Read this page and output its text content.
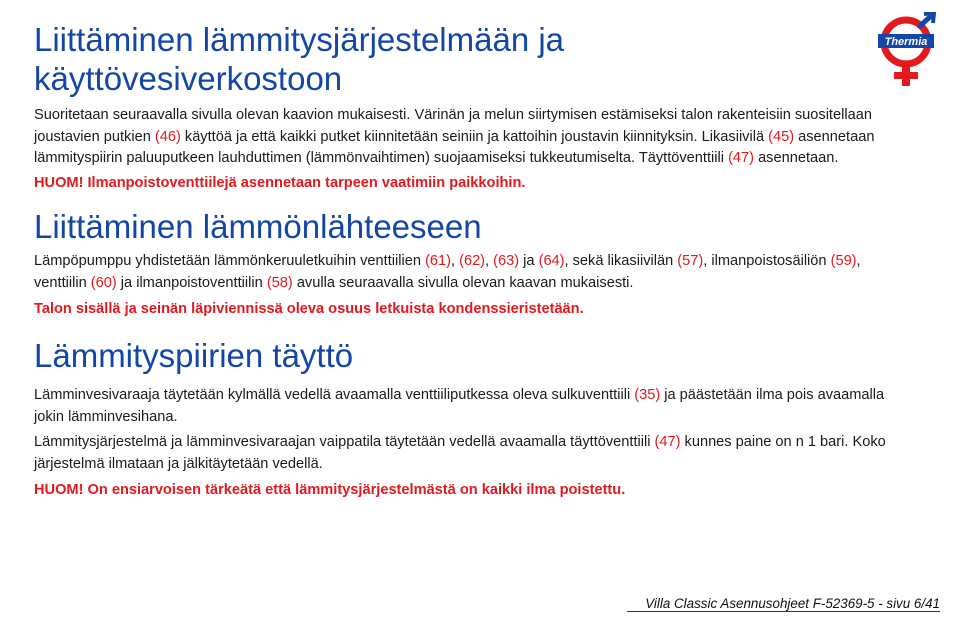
Thermia
Liittäminen lämmitysjärjestelmään ja käyttövesiverkostoon

Suoritetaan seuraavalla sivulla olevan kaavion mukaisesti. Värinän ja melun siirtymisen estämiseksi talon rakenteisiin suositellaan joustavien putkien (46) käyttöä ja että kaikki putket kiinnitetään seiniin ja kattoihin joustavin kiinnityksin. Likasiivilä (45) asennetaan lämmityspiirin paluuputkeen lauhduttimen (lämmönvaihtimen) suojaamiseksi tukkeutumiselta. Täyttöventtiili (47) asennetaan.

HUOM! Ilmanpoistoventtiilejä asennetaan tarpeen vaatimiin paikkoihin.

Liittäminen lämmönlähteeseen

Lämpöpumppu yhdistetään lämmönkeruuletkuihin venttiilien (61), (62), (63) ja (64), sekä likasiivilän (57), ilmanpoistosäiliön (59), venttiilin (60) ja ilmanpoistoventtiilin (58) avulla seuraavalla sivulla olevan kaavan mukaisesti.

Talon sisällä ja seinän läpiviennissä oleva osuus letkuista kondenssieristetään.

Lämmityspiirien täyttö

Lämminvesivaraaja täytetään kylmällä vedellä avaamalla venttiiliputkessa oleva sulkuventtiili (35) ja päästetään ilma pois avaamalla jokin lämminvesihana.

Lämmitysjärjestelmä ja lämminvesivaraajan vaippatila täytetään vedellä avaamalla täyttöventtiili (47) kunnes paine on n 1 bari. Koko järjestelmä ilmataan ja jälkitäytetään vedellä.

HUOM! On ensiarvoisen tärkeätä että lämmitysjärjestelmästä on kaikki ilma poistettu.

Villa Classic Asennusohjeet F-52369-5 - sivu 6/41
